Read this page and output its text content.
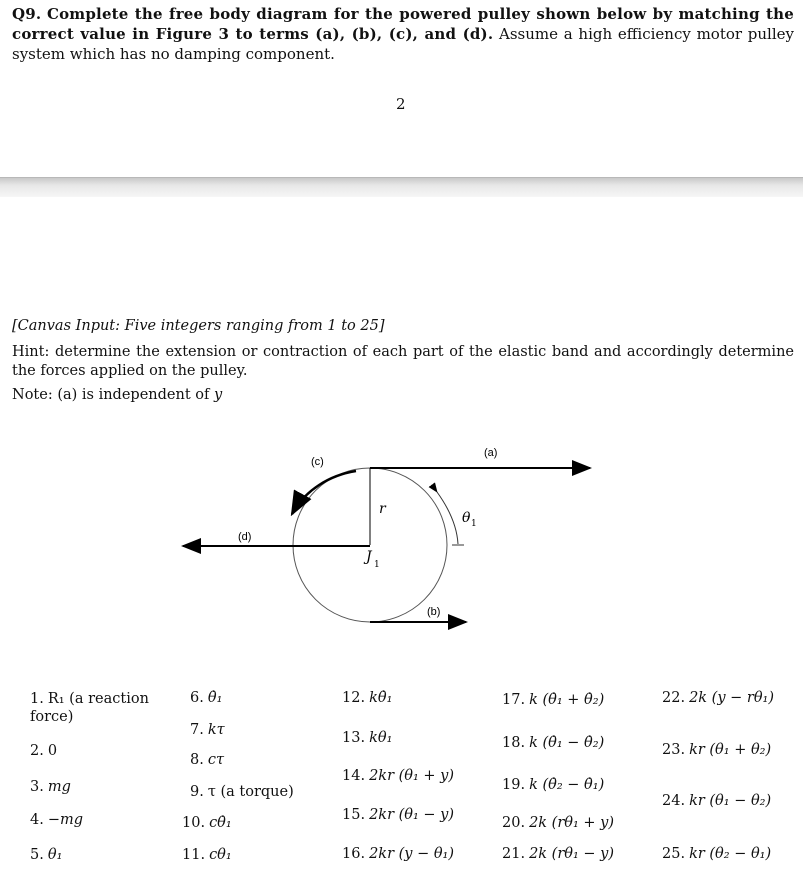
Q9. Complete the free body diagram for the powered pulley shown below by matching the correct value in Figure 3 to terms (a), (b), (c), and (d). Assume a high efficiency motor pulley system which has no damping component.
2
[Canvas Input: Five integers ranging from 1 to 25]
Hint: determine the extension or contraction of each part of the elastic band and accordingly determine the forces applied on the pulley.
Note: (a) is independent of y
(a)
(b)
(c)
(d)
r
θ 1
J 1
1. R₁ (a reaction force)
2. 0
3. mg
4. −mg
5. θ₁
6. θ̇₁
7. kτ
8. cτ
9. τ (a torque)
10. cθ̇₁
11. cθ₁
12. kθ̇₁
13. kθ₁
14. 2kr (θ₁ + y)
15. 2kr (θ₁ − y)
16. 2kr (y − θ₁)
17. k (θ̇₁ + θ̇₂)
18. k (θ̇₁ − θ̇₂)
19. k (θ̇₂ − θ̇₁)
20. 2k (rθ₁ + y)
21. 2k (rθ₁ − y)
22. 2k (y − rθ₁)
23. kr (θ₁ + θ₂)
24. kr (θ₁ − θ₂)
25. kr (θ₂ − θ₁)
